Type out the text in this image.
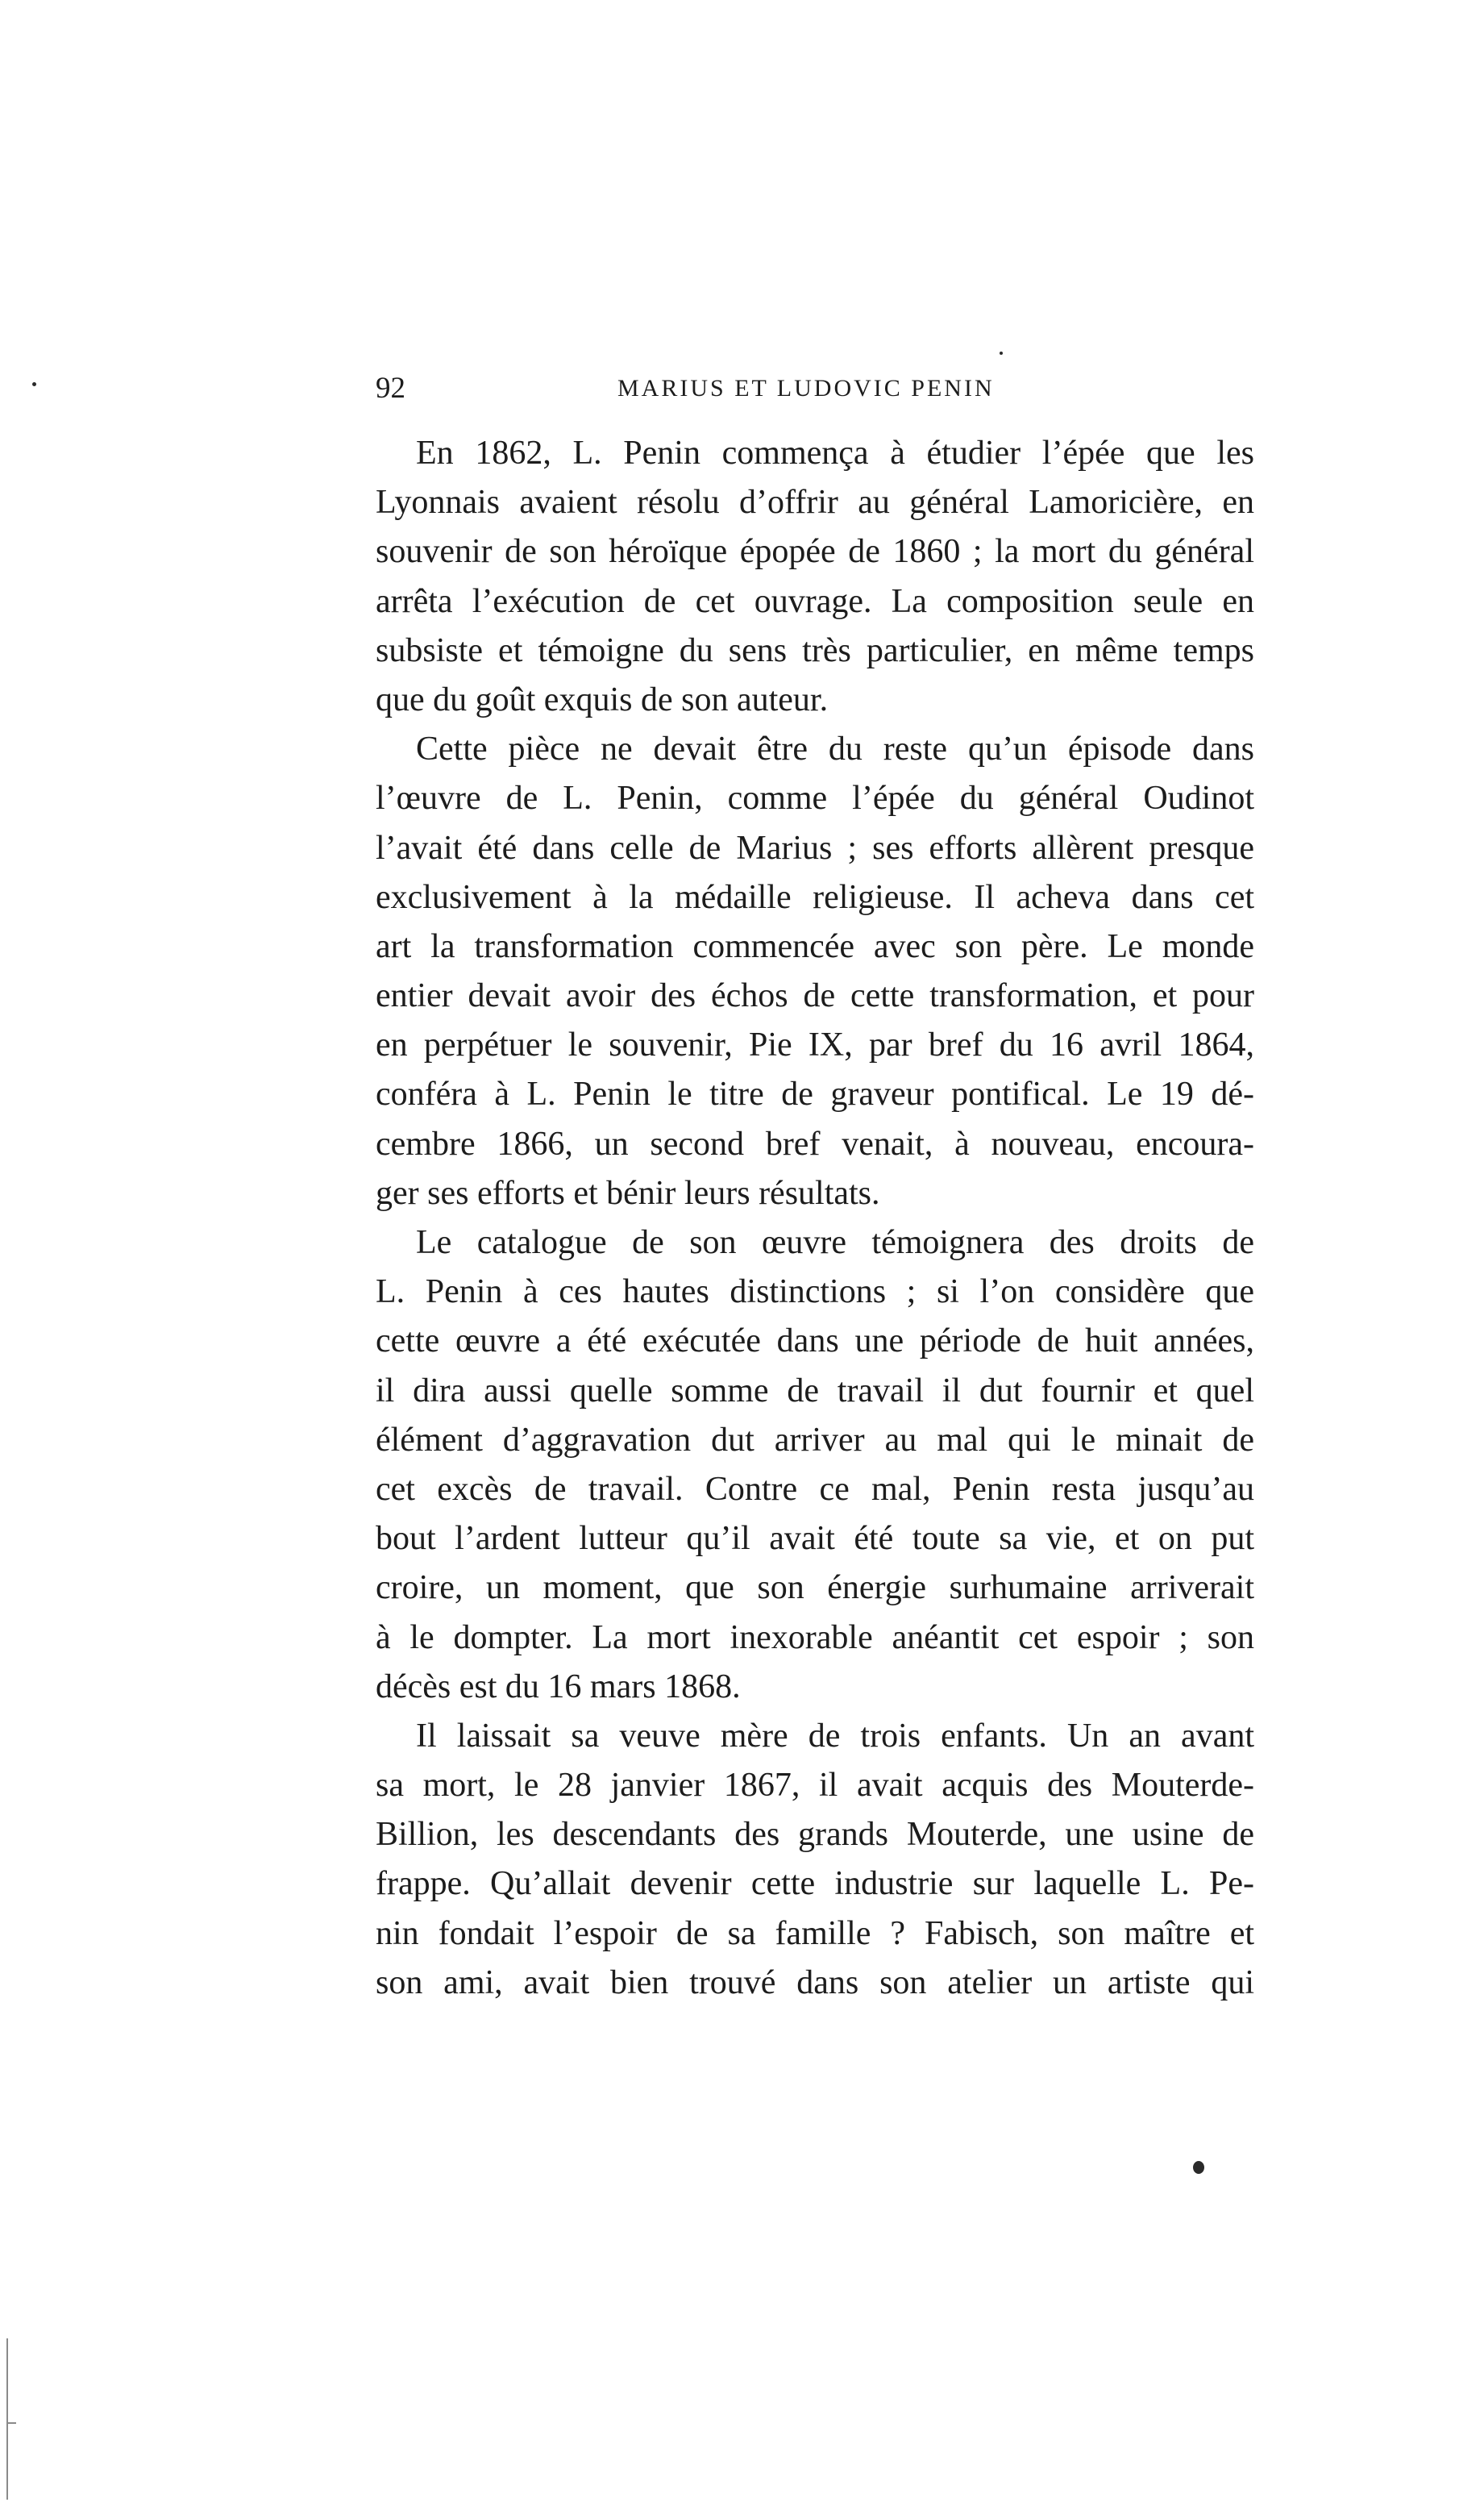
92	MARIUS ET LUDOVIC PENIN
En 1862, L. Penin commença à étudier l’épée que les
Lyonnais avaient résolu d’offrir au général Lamoricière, en
souvenir de son héroïque épopée de 1860 ; la mort du général
arrêta l’exécution de cet ouvrage. La composition seule en
subsiste et témoigne du sens très particulier, en même temps
que du goût exquis de son auteur.
Cette pièce ne devait être du reste qu’un épisode dans
l’œuvre de L. Penin, comme l’épée du général Oudinot
l’avait été dans celle de Marius ; ses efforts allèrent presque
exclusivement à la médaille religieuse. Il acheva dans cet
art la transformation commencée avec son père. Le monde
entier devait avoir des échos de cette transformation, et pour
en perpétuer le souvenir, Pie IX, par bref du 16 avril 1864,
conféra à L. Penin le titre de graveur pontifical. Le 19 dé-
cembre 1866, un second bref venait, à nouveau, encoura-
ger ses efforts et bénir leurs résultats.
Le catalogue de son œuvre témoignera des droits de
L. Penin à ces hautes distinctions ; si l’on considère que
cette œuvre a été exécutée dans une période de huit années,
il dira aussi quelle somme de travail il dut fournir et quel
élément d’aggravation dut arriver au mal qui le minait de
cet excès de travail. Contre ce mal, Penin resta jusqu’au
bout l’ardent lutteur qu’il avait été toute sa vie, et on put
croire, un moment, que son énergie surhumaine arriverait
à le dompter. La mort inexorable anéantit cet espoir ; son
décès est du 16 mars 1868.
Il laissait sa veuve mère de trois enfants. Un an avant
sa mort, le 28 janvier 1867, il avait acquis des Mouterde-
Billion, les descendants des grands Mouterde, une usine de
frappe. Qu’allait devenir cette industrie sur laquelle L. Pe-
nin fondait l’espoir de sa famille ? Fabisch, son maître et
son ami, avait bien trouvé dans son atelier un artiste qui
